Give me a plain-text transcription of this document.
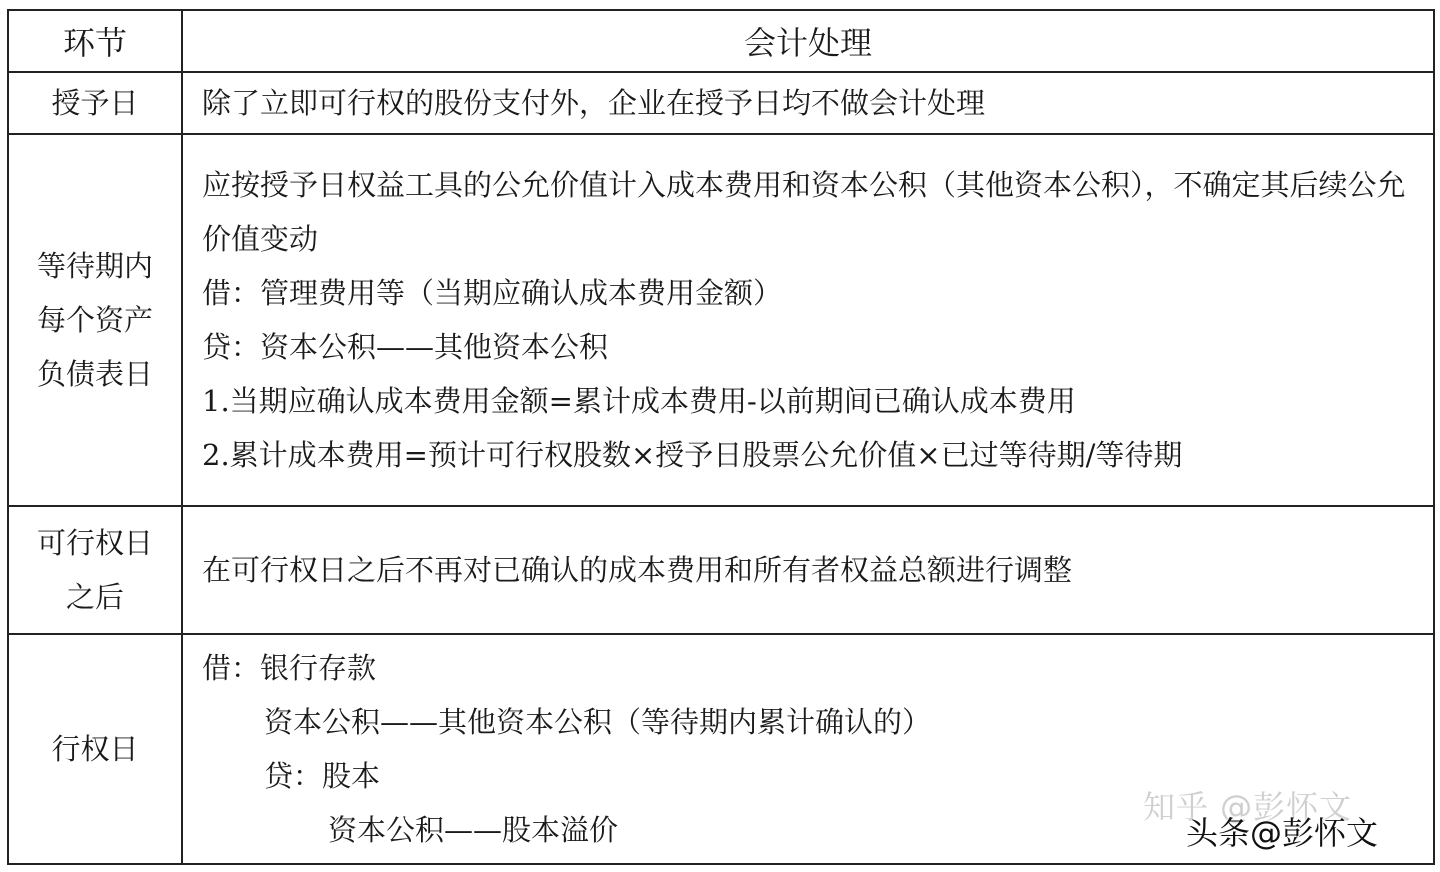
环节	会计处理

授予日	除了立即可行权的股份支付外，企业在授予日均不做会计处理

等待期内
每个资产
负债表日	应按授予日权益工具的公允价值计入成本费用和资本公积（其他资本公积），不确定其后续公允价值变动
借：管理费用等（当期应确认成本费用金额）
贷：资本公积——其他资本公积
1.当期应确认成本费用金额=累计成本费用-以前期间已确认成本费用
2.累计成本费用=预计可行权股数×授予日股票公允价值×已过等待期/等待期

可行权日
之后	在可行权日之后不再对已确认的成本费用和所有者权益总额进行调整

行权日	借：银行存款
资本公积——其他资本公积（等待期内累计确认的）
贷：股本
资本公积——股本溢价
知乎 @彭怀文
头条@彭怀文
